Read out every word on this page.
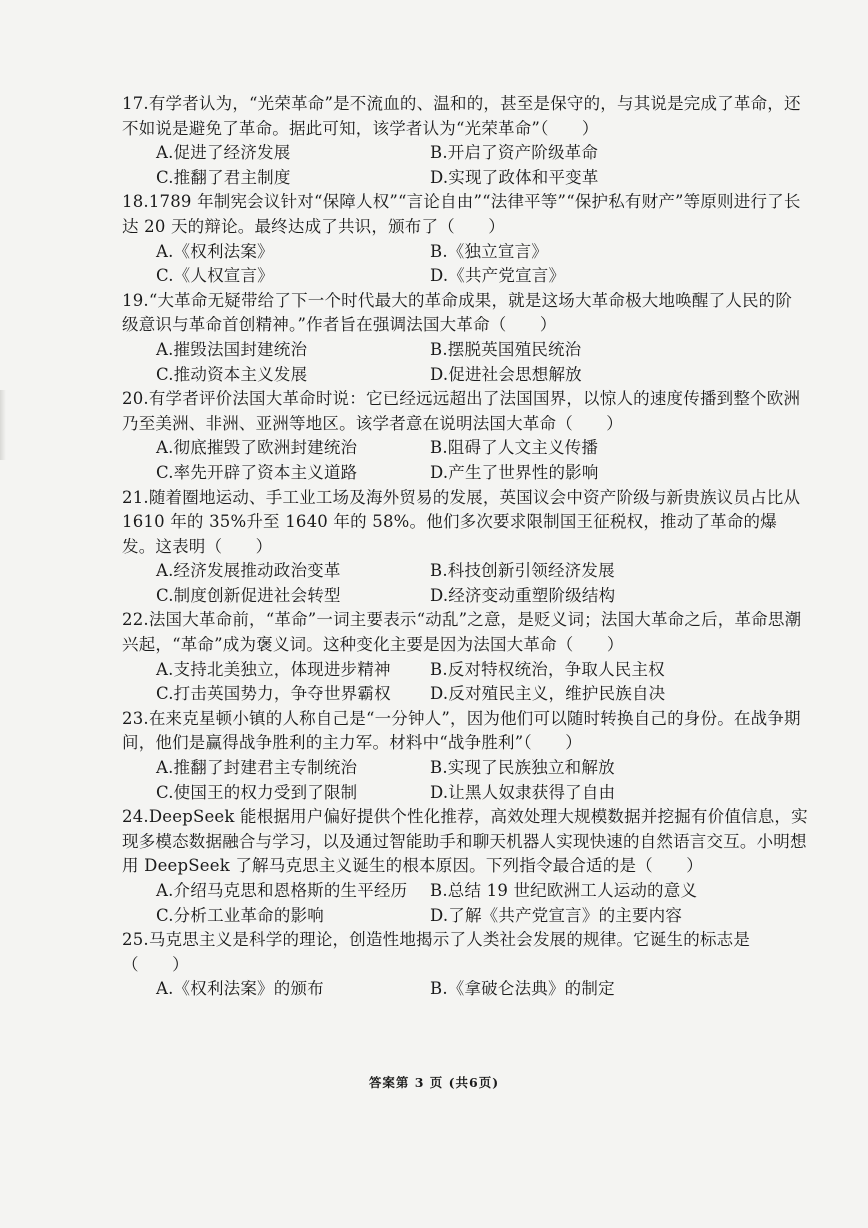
17.有学者认为，“光荣革命”是不流血的、温和的，甚至是保守的，与其说是完成了革命，还不如说是避免了革命。据此可知，该学者认为“光荣革命”（　　）

A.促进了经济发展	B.开启了资产阶级革命
C.推翻了君主制度	D.实现了政体和平变革

18.1789 年制宪会议针对“保障人权”“言论自由”“法律平等”“保护私有财产”等原则进行了长达 20 天的辩论。最终达成了共识，颁布了（　　）

A.《权利法案》	B.《独立宣言》
C.《人权宣言》	D.《共产党宣言》

19.“大革命无疑带给了下一个时代最大的革命成果，就是这场大革命极大地唤醒了人民的阶级意识与革命首创精神。”作者旨在强调法国大革命（　　）

A.摧毁法国封建统治	B.摆脱英国殖民统治
C.推动资本主义发展	D.促进社会思想解放

20.有学者评价法国大革命时说：它已经远远超出了法国国界，以惊人的速度传播到整个欧洲乃至美洲、非洲、亚洲等地区。该学者意在说明法国大革命（　　）

A.彻底摧毁了欧洲封建统治	B.阻碍了人文主义传播
C.率先开辟了资本主义道路	D.产生了世界性的影响

21.随着圈地运动、手工业工场及海外贸易的发展，英国议会中资产阶级与新贵族议员占比从 1610 年的 35%升至 1640 年的 58%。他们多次要求限制国王征税权，推动了革命的爆发。这表明（　　）

A.经济发展推动政治变革	B.科技创新引领经济发展
C.制度创新促进社会转型	D.经济变动重塑阶级结构

22.法国大革命前，“革命”一词主要表示“动乱”之意，是贬义词；法国大革命之后，革命思潮兴起，“革命”成为褒义词。这种变化主要是因为法国大革命（　　）

A.支持北美独立，体现进步精神	B.反对特权统治，争取人民主权
C.打击英国势力，争夺世界霸权	D.反对殖民主义，维护民族自决

23.在来克星顿小镇的人称自己是“一分钟人”，因为他们可以随时转换自己的身份。在战争期间，他们是赢得战争胜利的主力军。材料中“战争胜利”（　　）

A.推翻了封建君主专制统治	B.实现了民族独立和解放
C.使国王的权力受到了限制	D.让黑人奴隶获得了自由

24.DeepSeek 能根据用户偏好提供个性化推荐，高效处理大规模数据并挖掘有价值信息，实现多模态数据融合与学习，以及通过智能助手和聊天机器人实现快速的自然语言交互。小明想用 DeepSeek 了解马克思主义诞生的根本原因。下列指令最合适的是（　　）

A.介绍马克思和恩格斯的生平经历	B.总结 19 世纪欧洲工人运动的意义
C.分析工业革命的影响	D.了解《共产党宣言》的主要内容

25.马克思主义是科学的理论，创造性地揭示了人类社会发展的规律。它诞生的标志是（　　）

A.《权利法案》的颁布	B.《拿破仑法典》的制定
答案第 3 页 (共6页)
